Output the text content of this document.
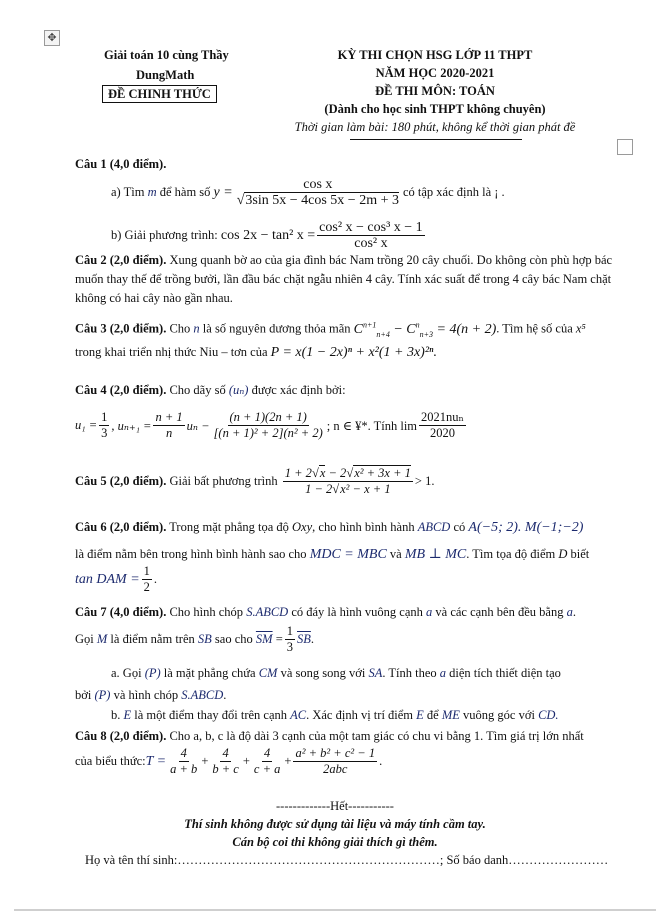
✥
Giải toán 10 cùng Thầy
DungMath
ĐỀ CHINH THỨC
KỲ THI CHỌN HSG LỚP 11 THPT
NĂM HỌC 2020-2021
ĐỀ THI MÔN: TOÁN
(Dành cho học sinh THPT không chuyên)
Thời gian làm bài: 180 phút, không kể thời gian phát đề
Câu 1 (4,0 điểm).
a) Tìm
m
để hàm số
$y = \frac{\text{cos x}}{√3\sin 5x - 4\cos 5x - 2m + 3}$ có tập xác định là ¡ .
b) Giải phương trình:
cos 2x − tan² $x = \frac{\text{cos² x − cos³ x − 1}}{\text{cos² x}}$
Câu 2 (2,0 điểm). Xung quanh bờ ao của gia đình bác Nam trồng 20 cây chuối. Do không còn phù hợp bác muốn thay thế để trồng bưởi, lần đầu bác chặt ngẫu nhiên 4 cây. Tính xác suất để trong 4 cây bác Nam chặt không có hai cây nào gần nhau.
Câu 3 (2,0 điểm). Cho n là số nguyên dương thỏa mãn $C^{n+1}_{n+4} - C^n_{n+3} = 4(n + 2)$. Tìm hệ số của x⁵
trong khai triển nhị thức Niu – tơn của P = x(1 − 2x)ⁿ + x²(1 + 3x)²ⁿ.
Câu 4 (2,0 điểm). Cho dãy số (uₙ) được xác định bởi:
$u_1 = \frac{1}{3}$ , $u_{n+1} = \frac{n + 1}{n}$ $u_n - \frac{(n + 1)(2n + 1)}{\text{[(n + 1)² + 2](n² + 2)}}$ ; n ∈ ¥*. Tính $\lim \frac{\text{2021nuₙ}}{2020}$
Câu 5 (2,0 điểm).
Giải bất phương trình
$\frac{\text{1 + 2√x − 2√x² + 3x + 1}}{\text{1 − 2√x² − x + 1}} > 1$.
Câu 6 (2,0 điểm). Trong mặt phẳng tọa độ Oxy, cho hình bình hành ABCD có A(−5; 2). M(−1;−2)
là điểm nằm bên trong hình bình hành sao cho MDC = MBC và MB ⊥ MC. Tìm tọa độ điểm D biết
tan DAM = $\frac{1}{2}$ .
Câu 7 (4,0 điểm). Cho hình chóp S.ABCD có đáy là hình vuông cạnh a và các cạnh bên đều bằng a.
Gọi
M
là điểm nằm trên
SB
sao cho
$\overline{SM} = \frac{1}{3} \overline{SB}$ .
a. Gọi (P) là mặt phẳng chứa CM và song song với SA. Tính theo a diện tích thiết diện tạo
bởi (P) và hình chóp S.ABCD.
b. E là một điểm thay đổi trên cạnh AC. Xác định vị trí điểm E để ME vuông góc với CD.
Câu 8 (2,0 điểm). Cho a, b, c là độ dài 3 cạnh của một tam giác có chu vi bằng 1. Tìm giá trị lớn nhất
của biểu thức: $T = \frac{4}{a + b} + \frac{4}{b + c} + \frac{4}{c + a} + \frac{\text{a² + b² + c² − 1}}{\text{2abc}}$ .
-------------Hết-----------
Thí sinh không được sử dụng tài liệu và máy tính cầm tay.
Cán bộ coi thi không giải thích gì thêm.
Họ và tên thí sinh:………………………………………………………; Số báo danh……………………
